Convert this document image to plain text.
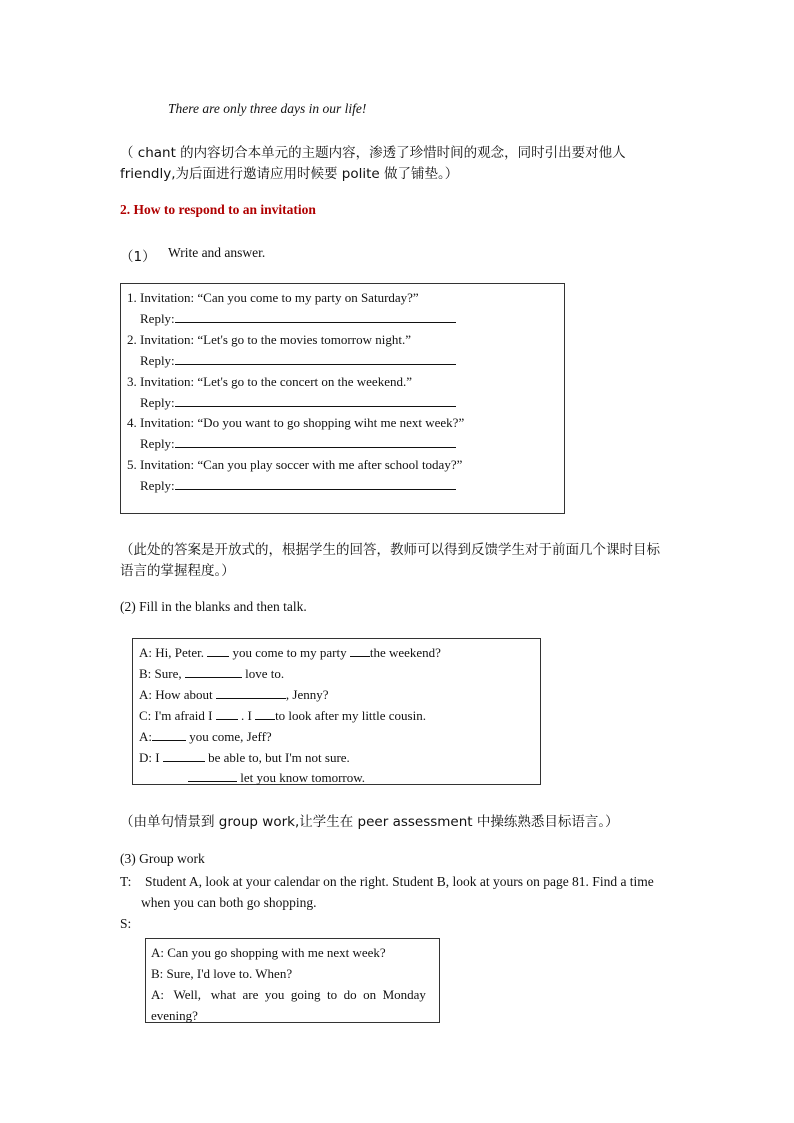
There are only three days in our life!
（ chant 的内容切合本单元的主题内容，渗透了珍惜时间的观念，同时引出要对他人
friendly,为后面进行邀请应用时候要 polite 做了铺垫。）
2. How to respond to an invitation
（1） Write and answer.
1. Invitation: “Can you come to my party on Saturday?”
Reply:
2. Invitation: “Let's go to the movies tomorrow night.”
Reply:
3. Invitation: “Let's go to the concert on the weekend.”
Reply:
4. Invitation: “Do you want to go shopping wiht me next week?”
Reply:
5. Invitation: “Can you play soccer with me after school today?”
Reply:
（此处的答案是开放式的，根据学生的回答，教师可以得到反馈学生对于前面几个课时目标
语言的掌握程度。）
(2) Fill in the blanks and then talk.
A: Hi, Peter.  you come to my party the weekend?
B: Sure,	love to.
A: How about	, Jenny?
C: I'm afraid I  . I to look after my little cousin.
A:	you come, Jeff?
D: I	be able to, but I'm not sure.
let you know tomorrow.
（由单句情景到 group work,让学生在 peer assessment 中操练熟悉目标语言。）
(3) Group work
T: Student A, look at your calendar on the right. Student B, look at yours on page 81. Find a time
when you can both go shopping.
S:
A: Can you go shopping with me next week?
B: Sure, I'd love to. When?
A:   Well,   what  are  you  going  to  do  on  Monday
evening?
